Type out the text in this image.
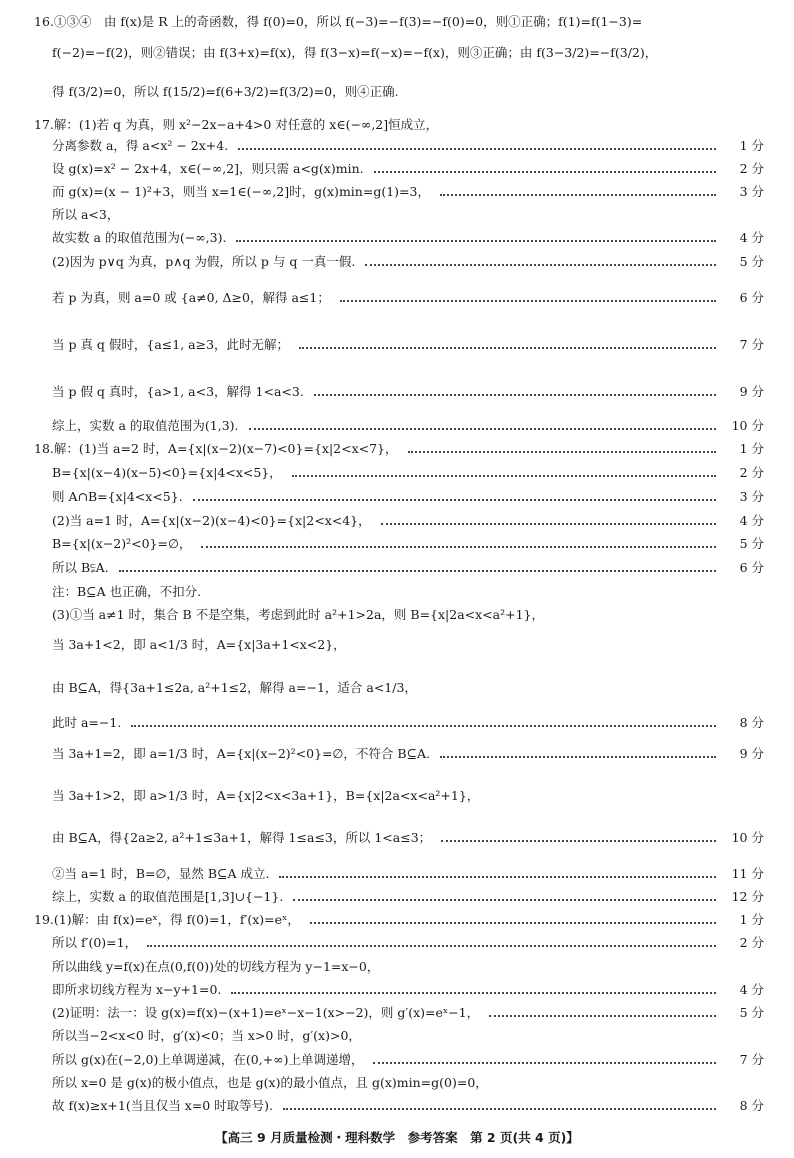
16.①③④　由 f(x)是 R 上的奇函数，得 f(0)=0，所以 f(−3)=−f(3)=−f(0)=0，则①正确；f(1)=f(1−3)=
f(−2)=−f(2)，则②错误；由 f(3+x)=f(x)，得 f(3−x)=f(−x)=−f(x)，则③正确；由 f(3−3/2)=−f(3/2)，
得 f(3/2)=0，所以 f(15/2)=f(6+3/2)=f(3/2)=0，则④正确.
17.解：(1)若 q 为真，则 x²−2x−a+4>0 对任意的 x∈(−∞,2]恒成立，
分离参数 a，得 a<x² − 2x+4.	1 分
设 g(x)=x² − 2x+4，x∈(−∞,2]，则只需 a<g(x)min.	2 分
而 g(x)=(x − 1)²+3，则当 x=1∈(−∞,2]时，g(x)min=g(1)=3，	3 分
所以 a<3，
故实数 a 的取值范围为(−∞,3).	4 分
(2)因为 p∨q 为真，p∧q 为假，所以 p 与 q 一真一假.	5 分
若 p 为真，则 a=0 或 {a≠0, Δ≥0，解得 a≤1；	6 分
当 p 真 q 假时，{a≤1, a≥3，此时无解；	7 分
当 p 假 q 真时，{a>1, a<3，解得 1<a<3.	9 分
综上，实数 a 的取值范围为(1,3).	10 分
18.解：(1)当 a=2 时，A={x|(x−2)(x−7)<0}={x|2<x<7}，	1 分
B={x|(x−4)(x−5)<0}={x|4<x<5}，	2 分
则 A∩B={x|4<x<5}.	3 分
(2)当 a=1 时，A={x|(x−2)(x−4)<0}={x|2<x<4}，	4 分
B={x|(x−2)²<0}=∅，	5 分
所以 B⫋A.	6 分
注：B⊆A 也正确，不扣分.
(3)①当 a≠1 时，集合 B 不是空集，考虑到此时 a²+1>2a，则 B={x|2a<x<a²+1}，
当 3a+1<2，即 a<1/3 时，A={x|3a+1<x<2}，
由 B⊆A，得{3a+1≤2a, a²+1≤2，解得 a=−1，适合 a<1/3，
此时 a=−1.	8 分
当 3a+1=2，即 a=1/3 时，A={x|(x−2)²<0}=∅，不符合 B⊆A.	9 分
当 3a+1>2，即 a>1/3 时，A={x|2<x<3a+1}，B={x|2a<x<a²+1}，
由 B⊆A，得{2a≥2, a²+1≤3a+1，解得 1≤a≤3，所以 1<a≤3；	10 分
②当 a=1 时，B=∅，显然 B⊆A 成立.	11 分
综上，实数 a 的取值范围是[1,3]∪{−1}.	12 分
19.(1)解：由 f(x)=eˣ，得 f(0)=1，f′(x)=eˣ，	1 分
所以 f′(0)=1，	2 分
所以曲线 y=f(x)在点(0,f(0))处的切线方程为 y−1=x−0，
即所求切线方程为 x−y+1=0.	4 分
(2)证明：法一：设 g(x)=f(x)−(x+1)=eˣ−x−1(x>−2)，则 g′(x)=eˣ−1，	5 分
所以当−2<x<0 时，g′(x)<0；当 x>0 时，g′(x)>0，
所以 g(x)在(−2,0)上单调递减，在(0,+∞)上单调递增，	7 分
所以 x=0 是 g(x)的极小值点，也是 g(x)的最小值点，且 g(x)min=g(0)=0，
故 f(x)≥x+1(当且仅当 x=0 时取等号).	8 分
【高三 9 月质量检测・理科数学　参考答案　第 2 页(共 4 页)】
